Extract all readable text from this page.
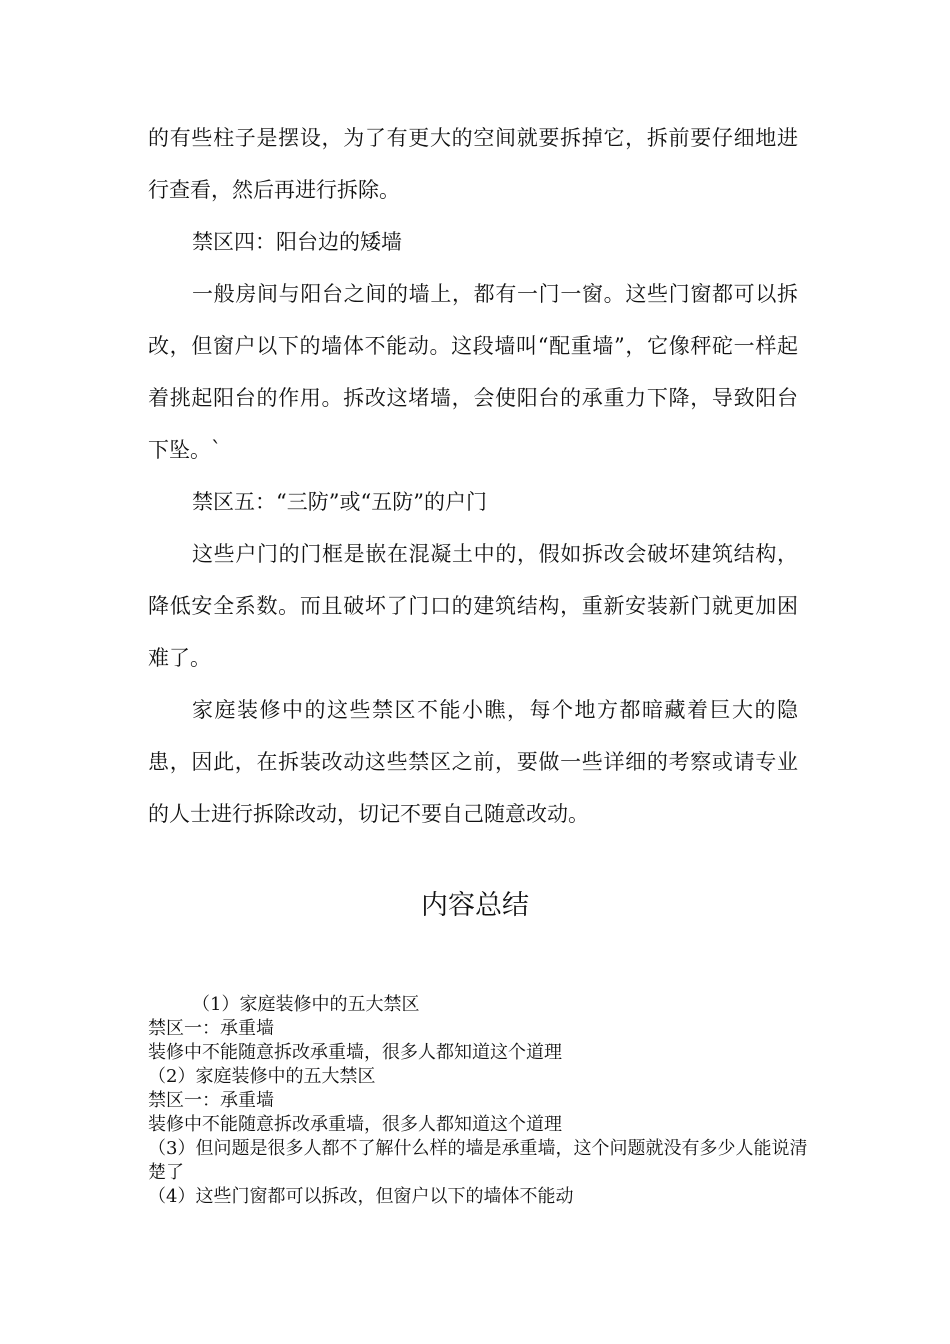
的有些柱子是摆设，为了有更大的空间就要拆掉它，拆前要仔细地进行查看，然后再进行拆除。

禁区四：阳台边的矮墙

一般房间与阳台之间的墙上，都有一门一窗。这些门窗都可以拆改，但窗户以下的墙体不能动。这段墙叫“配重墙”，它像秤砣一样起着挑起阳台的作用。拆改这堵墙，会使阳台的承重力下降，导致阳台下坠。`

禁区五：“三防”或“五防”的户门

这些户门的门框是嵌在混凝土中的，假如拆改会破坏建筑结构，降低安全系数。而且破坏了门口的建筑结构，重新安装新门就更加困难了。

家庭装修中的这些禁区不能小瞧，每个地方都暗藏着巨大的隐患，因此，在拆装改动这些禁区之前，要做一些详细的考察或请专业的人士进行拆除改动，切记不要自己随意改动。

内容总结

（1）家庭装修中的五大禁区

禁区一：承重墙

装修中不能随意拆改承重墙，很多人都知道这个道理

（2）家庭装修中的五大禁区

禁区一：承重墙

装修中不能随意拆改承重墙，很多人都知道这个道理

（3）但问题是很多人都不了解什么样的墙是承重墙，这个问题就没有多少人能说清楚了

（4）这些门窗都可以拆改，但窗户以下的墙体不能动
